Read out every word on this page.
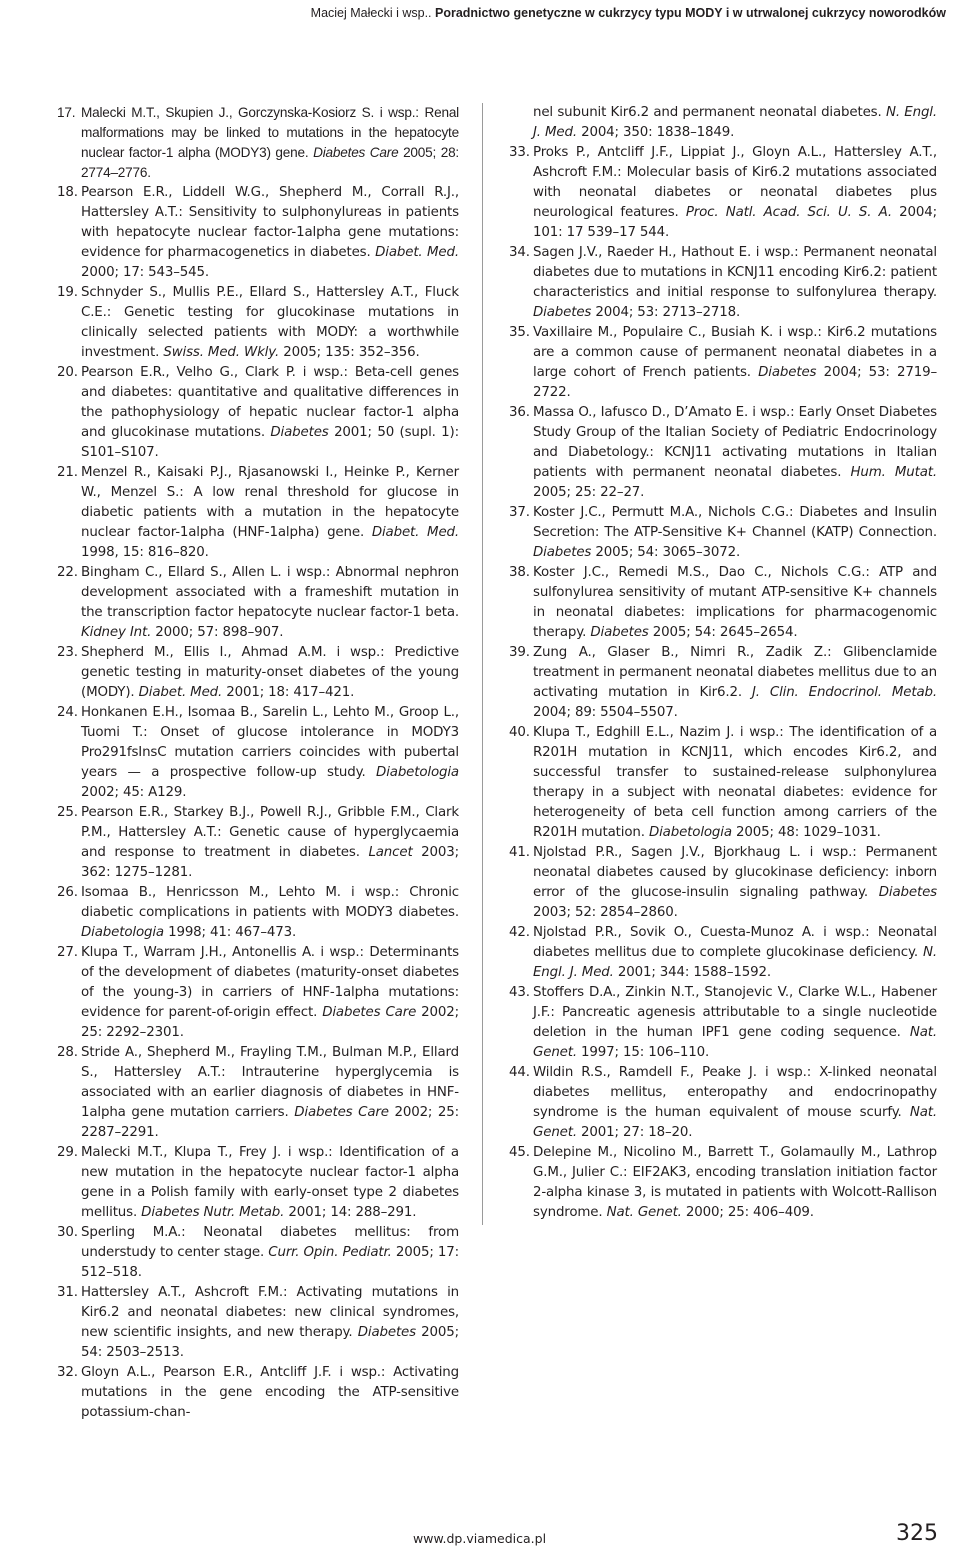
Maciej Małecki i wsp.. Poradnictwo genetyczne w cukrzycy typu MODY i w utrwalonej cukrzycy noworodków
17. Malecki M.T., Skupien J., Gorczynska-Kosiorz S. i wsp.: Renal malformations may be linked to mutations in the hepatocyte nuclear factor-1 alpha (MODY3) gene. Diabetes Care 2005; 28: 2774–2776.
18. Pearson E.R., Liddell W.G., Shepherd M., Corrall R.J., Hattersley A.T.: Sensitivity to sulphonylureas in patients with hepatocyte nuclear factor-1alpha gene mutations: evidence for pharmacogenetics in diabetes. Diabet. Med. 2000; 17: 543–545.
19. Schnyder S., Mullis P.E., Ellard S., Hattersley A.T., Fluck C.E.: Genetic testing for glucokinase mutations in clinically selected patients with MODY: a worthwhile investment. Swiss. Med. Wkly. 2005; 135: 352–356.
20. Pearson E.R., Velho G., Clark P. i wsp.: Beta-cell genes and diabetes: quantitative and qualitative differences in the pathophysiology of hepatic nuclear factor-1 alpha and glucokinase mutations. Diabetes 2001; 50 (supl. 1): S101–S107.
21. Menzel R., Kaisaki P.J., Rjasanowski I., Heinke P., Kerner W., Menzel S.: A low renal threshold for glucose in diabetic patients with a mutation in the hepatocyte nuclear factor-1alpha (HNF-1alpha) gene. Diabet. Med. 1998, 15: 816–820.
22. Bingham C., Ellard S., Allen L. i wsp.: Abnormal nephron development associated with a frameshift mutation in the transcription factor hepatocyte nuclear factor-1 beta. Kidney Int. 2000; 57: 898–907.
23. Shepherd M., Ellis I., Ahmad A.M. i wsp.: Predictive genetic testing in maturity-onset diabetes of the young (MODY). Diabet. Med. 2001; 18: 417–421.
24. Honkanen E.H., Isomaa B., Sarelin L., Lehto M., Groop L., Tuomi T.: Onset of glucose intolerance in MODY3 Pro291fsInsC mutation carriers coincides with pubertal years — a prospective follow-up study. Diabetologia 2002; 45: A129.
25. Pearson E.R., Starkey B.J., Powell R.J., Gribble F.M., Clark P.M., Hattersley A.T.: Genetic cause of hyperglycaemia and response to treatment in diabetes. Lancet 2003; 362: 1275–1281.
26. Isomaa B., Henricsson M., Lehto M. i wsp.: Chronic diabetic complications in patients with MODY3 diabetes. Diabetologia 1998; 41: 467–473.
27. Klupa T., Warram J.H., Antonellis A. i wsp.: Determinants of the development of diabetes (maturity-onset diabetes of the young-3) in carriers of HNF-1alpha mutations: evidence for parent-of-origin effect. Diabetes Care 2002; 25: 2292–2301.
28. Stride A., Shepherd M., Frayling T.M., Bulman M.P., Ellard S., Hattersley A.T.: Intrauterine hyperglycemia is associated with an earlier diagnosis of diabetes in HNF-1alpha gene mutation carriers. Diabetes Care 2002; 25: 2287–2291.
29. Malecki M.T., Klupa T., Frey J. i wsp.: Identification of a new mutation in the hepatocyte nuclear factor-1 alpha gene in a Polish family with early-onset type 2 diabetes mellitus. Diabetes Nutr. Metab. 2001; 14: 288–291.
30. Sperling M.A.: Neonatal diabetes mellitus: from understudy to center stage. Curr. Opin. Pediatr. 2005; 17: 512–518.
31. Hattersley A.T., Ashcroft F.M.: Activating mutations in Kir6.2 and neonatal diabetes: new clinical syndromes, new scientific insights, and new therapy. Diabetes 2005; 54: 2503–2513.
32. Gloyn A.L., Pearson E.R., Antcliff J.F. i wsp.: Activating mutations in the gene encoding the ATP-sensitive potassium-chan-
nel subunit Kir6.2 and permanent neonatal diabetes. N. Engl. J. Med. 2004; 350: 1838–1849.
33. Proks P., Antcliff J.F., Lippiat J., Gloyn A.L., Hattersley A.T., Ashcroft F.M.: Molecular basis of Kir6.2 mutations associated with neonatal diabetes or neonatal diabetes plus neurological features. Proc. Natl. Acad. Sci. U. S. A. 2004; 101: 17 539–17 544.
34. Sagen J.V., Raeder H., Hathout E. i wsp.: Permanent neonatal diabetes due to mutations in KCNJ11 encoding Kir6.2: patient characteristics and initial response to sulfonylurea therapy. Diabetes 2004; 53: 2713–2718.
35. Vaxillaire M., Populaire C., Busiah K. i wsp.: Kir6.2 mutations are a common cause of permanent neonatal diabetes in a large cohort of French patients. Diabetes 2004; 53: 2719–2722.
36. Massa O., Iafusco D., D’Amato E. i wsp.: Early Onset Diabetes Study Group of the Italian Society of Pediatric Endocrinology and Diabetology.: KCNJ11 activating mutations in Italian patients with permanent neonatal diabetes. Hum. Mutat. 2005; 25: 22–27.
37. Koster J.C., Permutt M.A., Nichols C.G.: Diabetes and Insulin Secretion: The ATP-Sensitive K+ Channel (KATP) Connection. Diabetes 2005; 54: 3065–3072.
38. Koster J.C., Remedi M.S., Dao C., Nichols C.G.: ATP and sulfonylurea sensitivity of mutant ATP-sensitive K+ channels in neonatal diabetes: implications for pharmacogenomic therapy. Diabetes 2005; 54: 2645–2654.
39. Zung A., Glaser B., Nimri R., Zadik Z.: Glibenclamide treatment in permanent neonatal diabetes mellitus due to an activating mutation in Kir6.2. J. Clin. Endocrinol. Metab. 2004; 89: 5504–5507.
40. Klupa T., Edghill E.L., Nazim J. i wsp.: The identification of a R201H mutation in KCNJ11, which encodes Kir6.2, and successful transfer to sustained-release sulphonylurea therapy in a subject with neonatal diabetes: evidence for heterogeneity of beta cell function among carriers of the R201H mutation. Diabetologia 2005; 48: 1029–1031.
41. Njolstad P.R., Sagen J.V., Bjorkhaug L. i wsp.: Permanent neonatal diabetes caused by glucokinase deficiency: inborn error of the glucose-insulin signaling pathway. Diabetes 2003; 52: 2854–2860.
42. Njolstad P.R., Sovik O., Cuesta-Munoz A. i wsp.: Neonatal diabetes mellitus due to complete glucokinase deficiency. N. Engl. J. Med. 2001; 344: 1588–1592.
43. Stoffers D.A., Zinkin N.T., Stanojevic V., Clarke W.L., Habener J.F.: Pancreatic agenesis attributable to a single nucleotide deletion in the human IPF1 gene coding sequence. Nat. Genet. 1997; 15: 106–110.
44. Wildin R.S., Ramdell F., Peake J. i wsp.: X-linked neonatal diabetes mellitus, enteropathy and endocrinopathy syndrome is the human equivalent of mouse scurfy. Nat. Genet. 2001; 27: 18–20.
45. Delepine M., Nicolino M., Barrett T., Golamaully M., Lathrop G.M., Julier C.: EIF2AK3, encoding translation initiation factor 2-alpha kinase 3, is mutated in patients with Wolcott-Rallison syndrome. Nat. Genet. 2000; 25: 406–409.
www.dp.viamedica.pl	325
